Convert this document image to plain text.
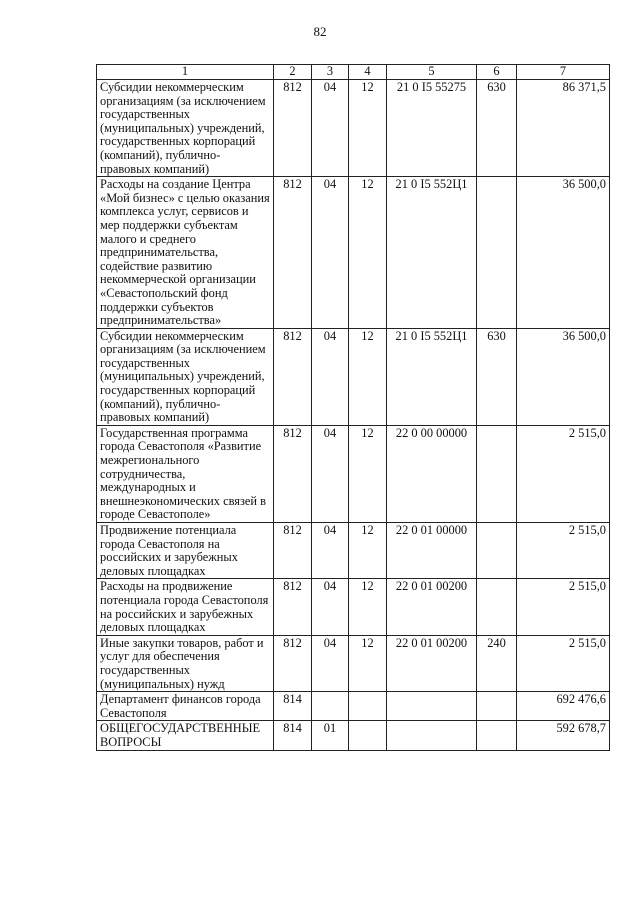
82
1	2	3	4	5	6	7
Субсидии некоммерческим организациям (за исключением государственных (муниципальных) учреждений, государственных корпораций (компаний), публично-правовых компаний)	812	04	12	21 0 I5 55275	630	86 371,5
Расходы на создание Центра «Мой бизнес» с целью оказания комплекса услуг, сервисов и мер поддержки субъектам малого и среднего предпринимательства, содействие развитию некоммерческой организации «Севастопольский фонд поддержки субъектов предпринимательства»	812	04	12	21 0 I5 552Ц1		36 500,0
Субсидии некоммерческим организациям (за исключением государственных (муниципальных) учреждений, государственных корпораций (компаний), публично-правовых компаний)	812	04	12	21 0 I5 552Ц1	630	36 500,0
Государственная программа города Севастополя «Развитие межрегионального сотрудничества, международных и внешнеэкономических связей в городе Севастополе»	812	04	12	22 0 00 00000		2 515,0
Продвижение потенциала города Севастополя на российских и зарубежных деловых площадках	812	04	12	22 0 01 00000		2 515,0
Расходы на продвижение потенциала города Севастополя на российских и зарубежных деловых площадках	812	04	12	22 0 01 00200		2 515,0
Иные закупки товаров, работ и услуг для обеспечения государственных (муниципальных) нужд	812	04	12	22 0 01 00200	240	2 515,0
Департамент финансов города Севастополя	814					692 476,6
ОБЩЕГОСУДАРСТВЕННЫЕ ВОПРОСЫ	814	01				592 678,7
